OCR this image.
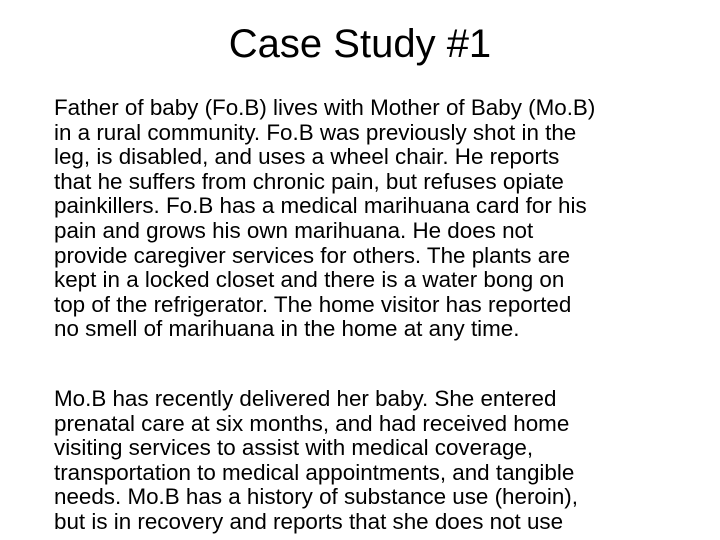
Case Study #1
Father of baby (Fo.B) lives with Mother of Baby (Mo.B)
in a rural community. Fo.B was previously shot in the
leg, is disabled, and uses a wheel chair. He reports
that he suffers from chronic pain, but refuses opiate
painkillers. Fo.B has a medical marihuana card for his
pain and grows his own marihuana. He does not
provide caregiver services for others. The plants are
kept in a locked closet and there is a water bong on
top of the refrigerator. The home visitor has reported
no smell of marihuana in the home at any time.
Mo.B has recently delivered her baby. She entered
prenatal care at six months, and had received home
visiting services to assist with medical coverage,
transportation to medical appointments, and tangible
needs. Mo.B has a history of substance use (heroin),
but is in recovery and reports that she does not use
